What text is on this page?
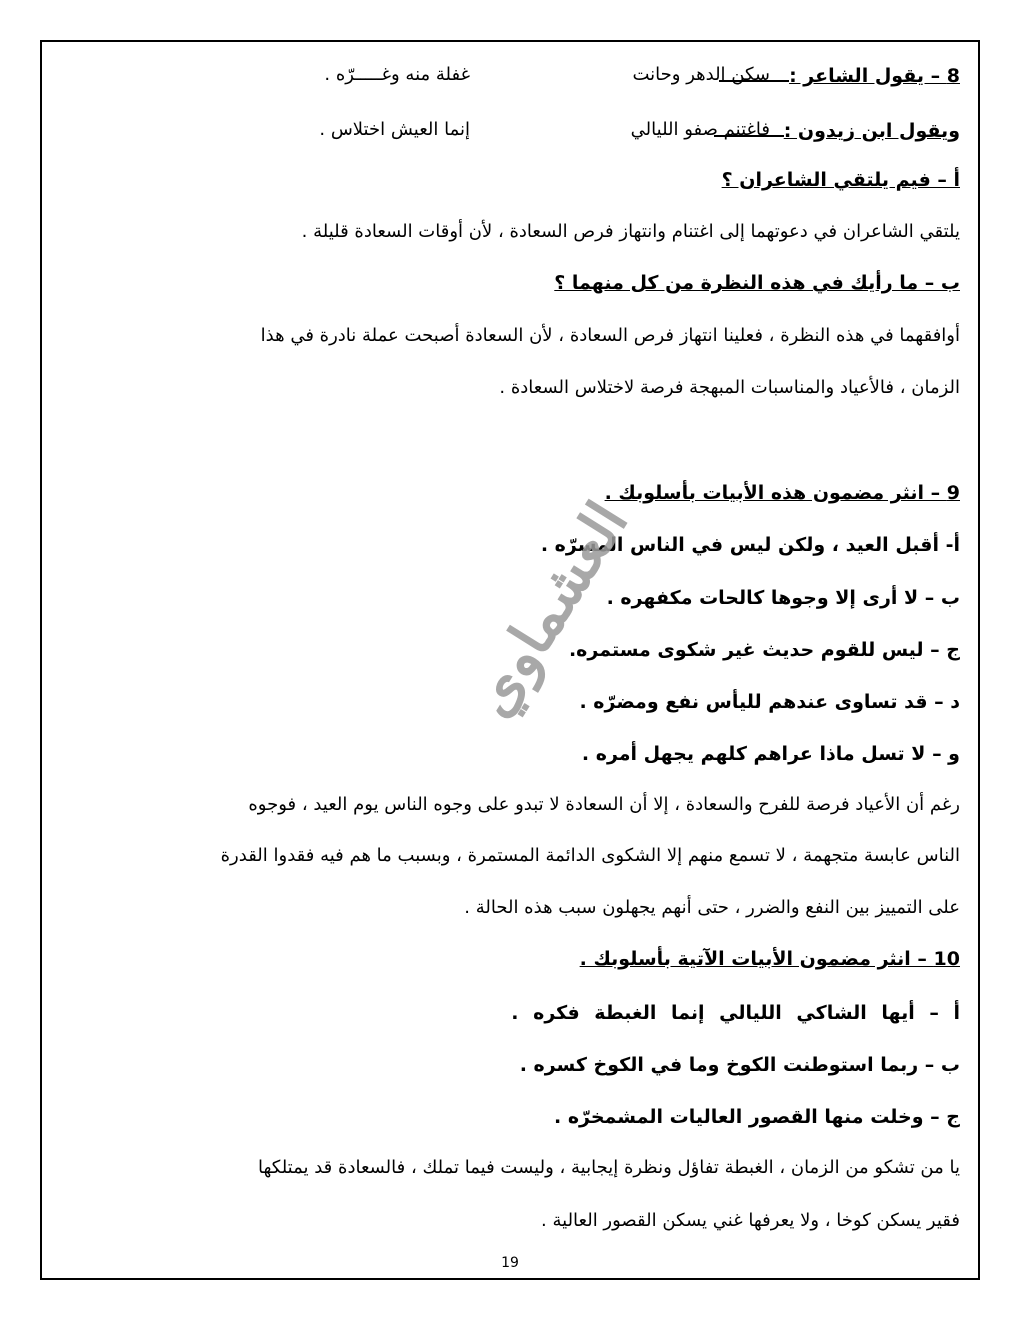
8 – يقول الشاعر :
سكن الدهر وحانت
غفلة منه وغـــــرّه .
ويقول ابن زيدون :
فاغتنم صفو الليالي
إنما العيش اختلاس .
أ – فيم يلتقي الشاعران ؟
يلتقي الشاعران في دعوتهما إلى اغتنام وانتهاز فرص السعادة ، لأن أوقات السعادة قليلة .
ب – ما رأيك في هذه النظرة من كل منهما ؟
أوافقهما في هذه النظرة ، فعلينا انتهاز فرص السعادة ، لأن السعادة أصبحت عملة نادرة في هذا
الزمان ، فالأعياد والمناسبات المبهجة فرصة لاختلاس السعادة .
9 – انثر مضمون هذه الأبيات بأسلوبك .
أ- أقبل العيد ، ولكن ليس في الناس المسرّه .
ب – لا أرى إلا وجوها كالحات مكفهره .
ج – ليس للقوم حديث غير شكوى مستمره.
د – قد تساوى عندهم لليأس نفع ومضرّه .
و – لا تسل ماذا عراهم كلهم يجهل أمره .
رغم أن الأعياد فرصة للفرح والسعادة ، إلا أن السعادة لا تبدو على وجوه الناس يوم العيد ، فوجوه
الناس عابسة متجهمة ، لا تسمع منهم إلا الشكوى الدائمة المستمرة ، وبسبب ما هم فيه فقدوا القدرة
على التمييز بين النفع والضرر ، حتى أنهم يجهلون سبب هذه الحالة .
10 – انثر مضمون الأبيات الآتية بأسلوبك .
أ – أيها الشاكي الليالي إنما الغبطة فكره .
ب – ربما استوطنت الكوخ وما في الكوخ كسره .
ج – وخلت منها القصور العاليات المشمخرّه .
يا من تشكو من الزمان ، الغبطة تفاؤل ونظرة إيجابية ، وليست فيما تملك ، فالسعادة قد يمتلكها
فقير يسكن كوخا ، ولا يعرفها غني يسكن القصور العالية .
العشماوي
19
